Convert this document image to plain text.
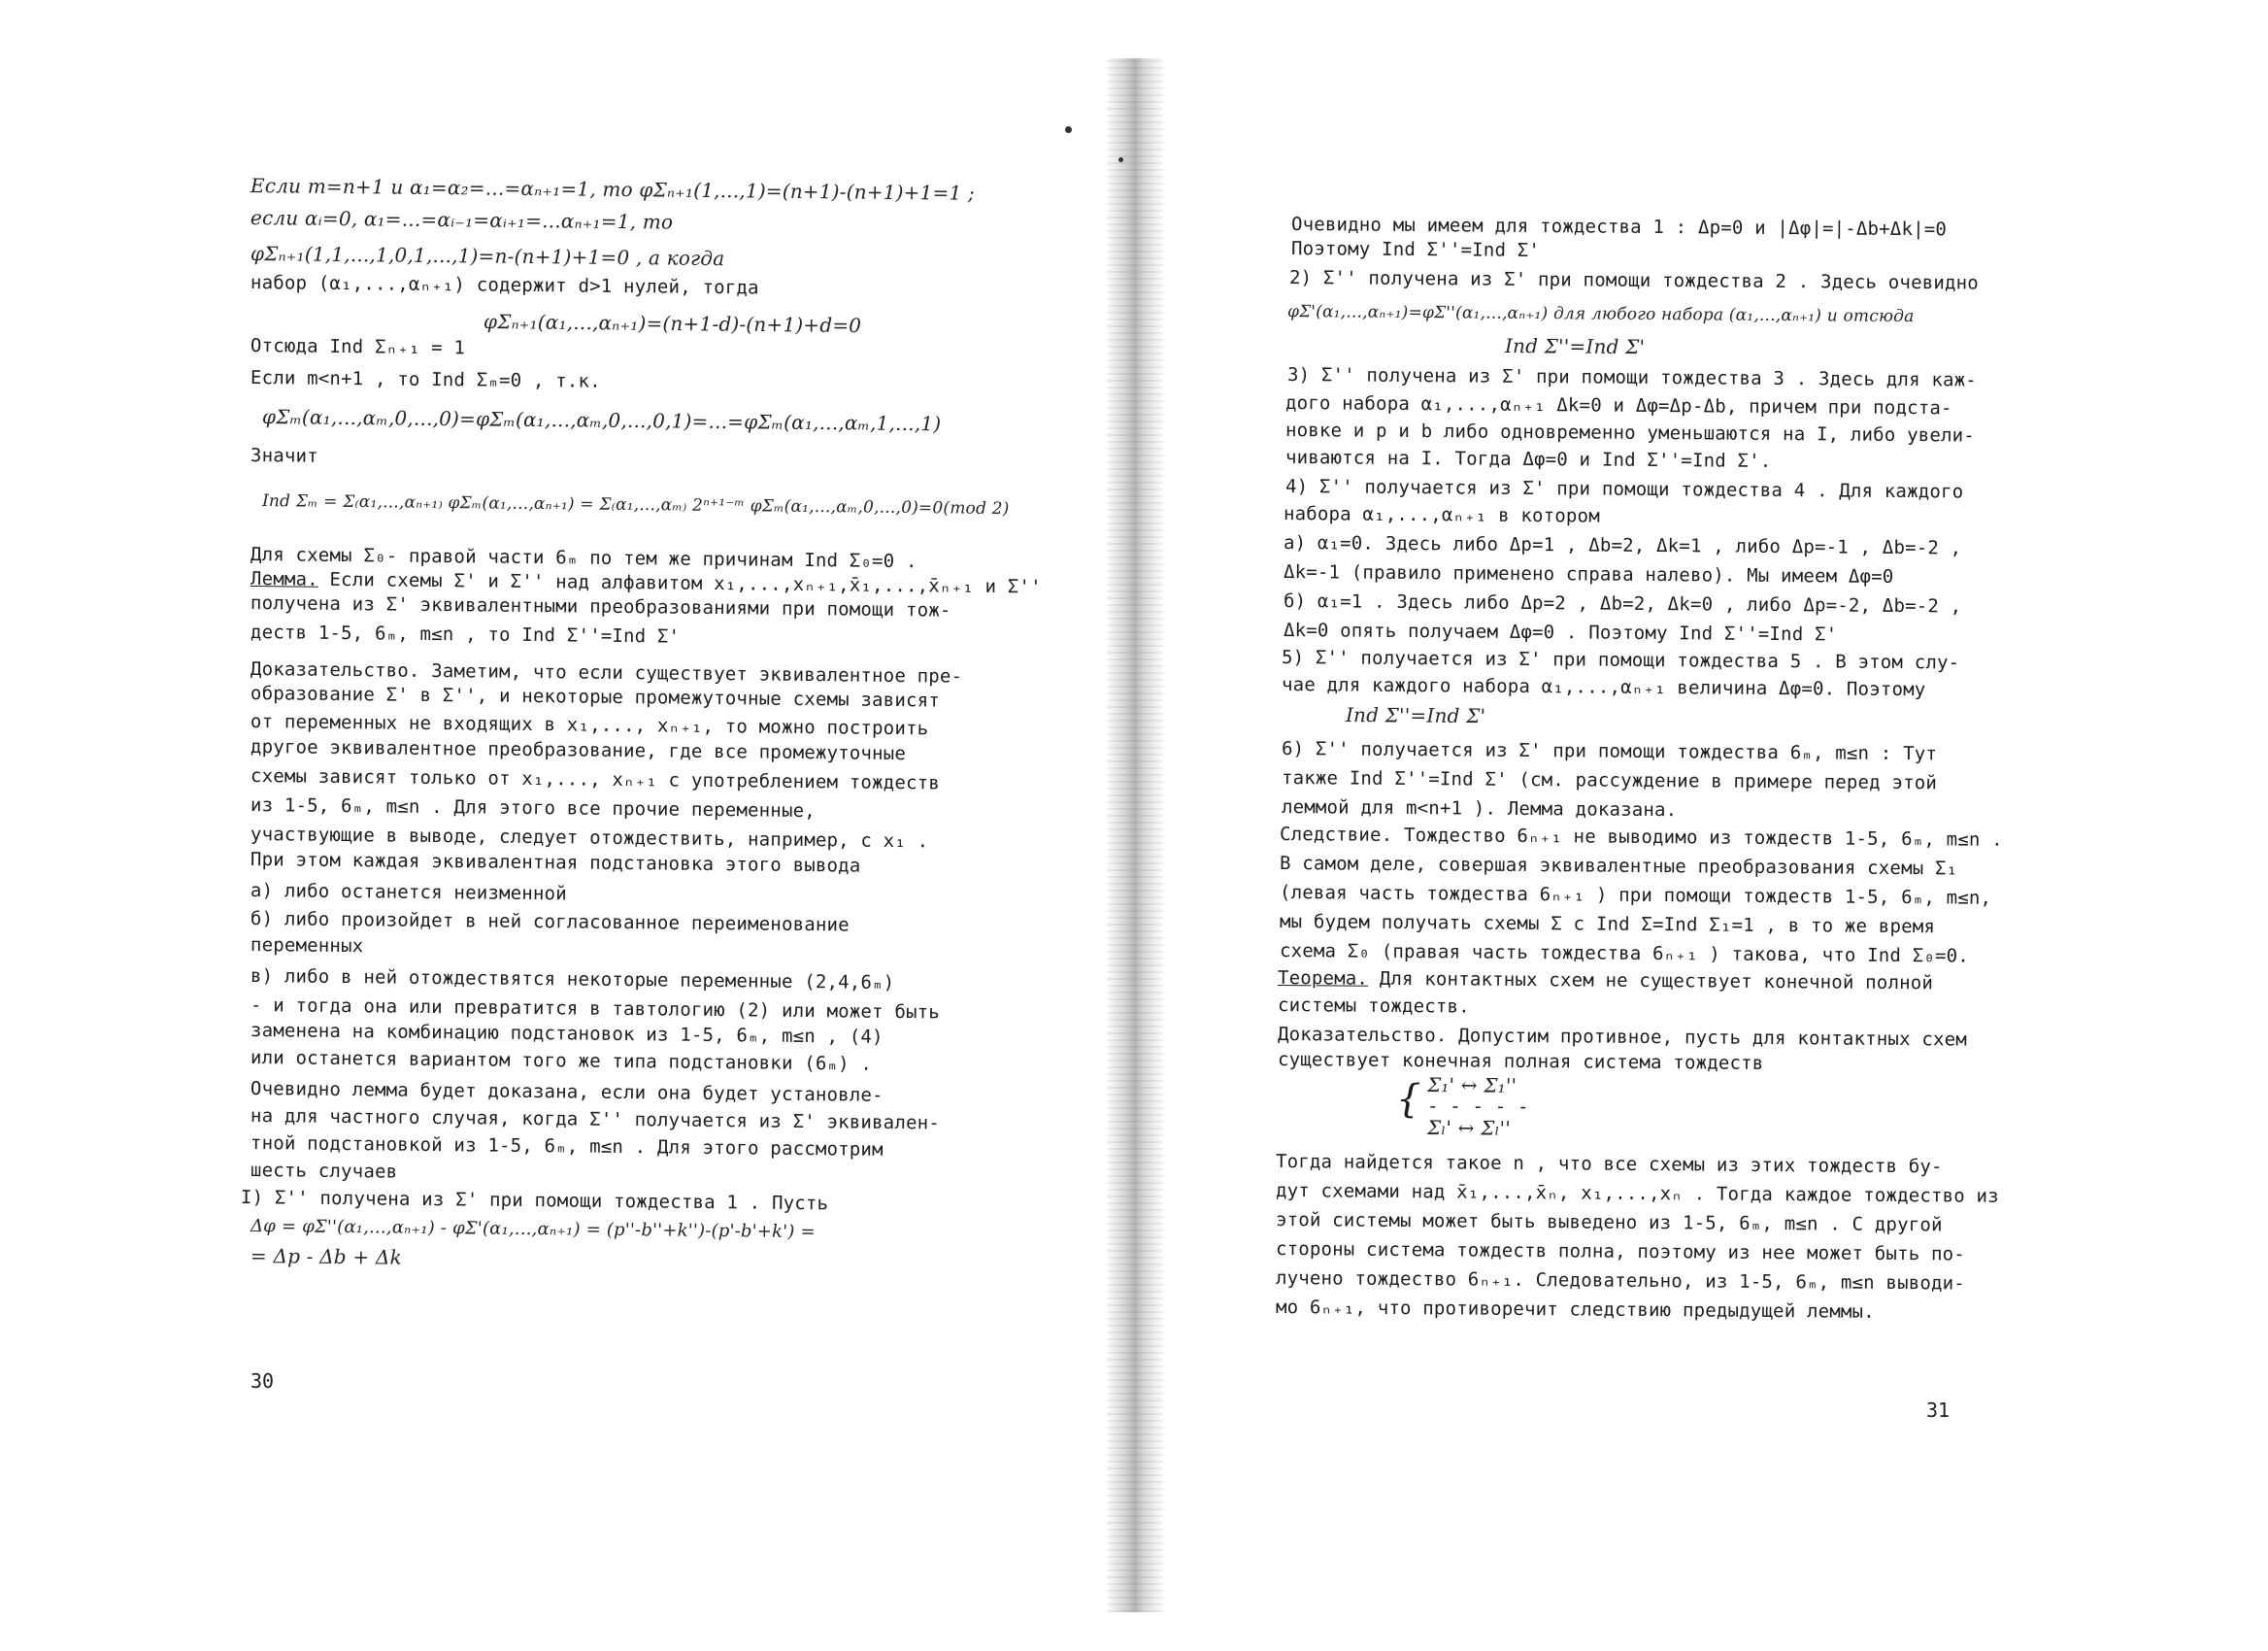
Если m=n+1 и α₁=α₂=...=αₙ₊₁=1, то φΣₙ₊₁(1,...,1)=(n+1)-(n+1)+1=1 ;
если αᵢ=0, α₁=...=αᵢ₋₁=αᵢ₊₁=...αₙ₊₁=1, то
φΣₙ₊₁(1,1,...,1,0,1,...,1)=n-(n+1)+1=0 , а когда
набор (α₁,...,αₙ₊₁) содержит d>1 нулей, тогда
φΣₙ₊₁(α₁,...,αₙ₊₁)=(n+1-d)-(n+1)+d=0
Отсюда Ind Σₙ₊₁ = 1
Если m<n+1 , то Ind Σₘ=0 , т.к.
φΣₘ(α₁,...,αₘ,0,...,0)=φΣₘ(α₁,...,αₘ,0,...,0,1)=...=φΣₘ(α₁,...,αₘ,1,...,1)
Значит
Ind Σₘ = Σ₍α₁,...,αₙ₊₁₎ φΣₘ(α₁,...,αₙ₊₁) = Σ₍α₁,...,αₘ₎ 2ⁿ⁺¹⁻ᵐ φΣₘ(α₁,...,αₘ,0,...,0)=0(mod 2)
Для схемы Σ₀- правой части 6ₘ по тем же причинам Ind Σ₀=0 .
Лемма. Если схемы Σ' и Σ'' над алфавитом x₁,...,xₙ₊₁,x̄₁,...,x̄ₙ₊₁ и Σ''
получена из Σ' эквивалентными преобразованиями при помощи тож-
деств 1-5, 6ₘ, m≤n , то Ind Σ''=Ind Σ'
Доказательство. Заметим, что если существует эквивалентное пре-
образование Σ' в Σ'', и некоторые промежуточные схемы зависят
от переменных не входящих в x₁,..., xₙ₊₁, то можно построить
другое эквивалентное преобразование, где все промежуточные
схемы зависят только от x₁,..., xₙ₊₁ с употреблением тождеств
из 1-5, 6ₘ, m≤n . Для этого все прочие переменные,
участвующие в выводе, следует отождествить, например, с x₁ .
При этом каждая эквивалентная подстановка этого вывода
а) либо останется неизменной
б) либо произойдет в ней согласованное переименование
переменных
в) либо в ней отождествятся некоторые переменные (2,4,6ₘ)
- и тогда она или превратится в тавтологию (2) или может быть
заменена на комбинацию подстановок из 1-5, 6ₘ, m≤n , (4)
или останется вариантом того же типа подстановки (6ₘ) .
Очевидно лемма будет доказана, если она будет установле-
на для частного случая, когда Σ'' получается из Σ' эквивален-
тной подстановкой из 1-5, 6ₘ, m≤n . Для этого рассмотрим
шесть случаев
I) Σ'' получена из Σ' при помощи тождества 1 . Пусть
Δφ = φΣ''(α₁,...,αₙ₊₁) - φΣ'(α₁,...,αₙ₊₁) = (p''-b''+k'')-(p'-b'+k') =
= Δp - Δb + Δk
30
Очевидно мы имеем для тождества 1 : Δp=0 и |Δφ|=|-Δb+Δk|=0
Поэтому Ind Σ''=Ind Σ'
2) Σ'' получена из Σ' при помощи тождества 2 . Здесь очевидно
φΣ'(α₁,...,αₙ₊₁)=φΣ''(α₁,...,αₙ₊₁) для любого набора (α₁,...,αₙ₊₁) и отсюда
Ind Σ''=Ind Σ'
3) Σ'' получена из Σ' при помощи тождества 3 . Здесь для каж-
дого набора α₁,...,αₙ₊₁ Δk=0 и Δφ=Δp-Δb, причем при подста-
новке и p и b либо одновременно уменьшаются на I, либо увели-
чиваются на I. Тогда Δφ=0 и Ind Σ''=Ind Σ'.
4) Σ'' получается из Σ' при помощи тождества 4 . Для каждого
набора α₁,...,αₙ₊₁ в котором
а) α₁=0. Здесь либо Δp=1 , Δb=2, Δk=1 , либо Δp=-1 , Δb=-2 ,
Δk=-1 (правило применено справа налево). Мы имеем Δφ=0
б) α₁=1 . Здесь либо Δp=2 , Δb=2, Δk=0 , либо Δp=-2, Δb=-2 ,
Δk=0 опять получаем Δφ=0 . Поэтому Ind Σ''=Ind Σ'
5) Σ'' получается из Σ' при помощи тождества 5 . В этом слу-
чае для каждого набора α₁,...,αₙ₊₁ величина Δφ=0. Поэтому
Ind Σ''=Ind Σ'
6) Σ'' получается из Σ' при помощи тождества 6ₘ, m≤n : Тут
также Ind Σ''=Ind Σ' (см. рассуждение в примере перед этой
леммой для m<n+1 ). Лемма доказана.
Следствие. Тождество 6ₙ₊₁ не выводимо из тождеств 1-5, 6ₘ, m≤n .
В самом деле, совершая эквивалентные преобразования схемы Σ₁
(левая часть тождества 6ₙ₊₁ ) при помощи тождеств 1-5, 6ₘ, m≤n,
мы будем получать схемы Σ с Ind Σ=Ind Σ₁=1 , в то же время
схема Σ₀ (правая часть тождества 6ₙ₊₁ ) такова, что Ind Σ₀=0.
Теорема. Для контактных схем не существует конечной полной
системы тождеств.
Доказательство. Допустим противное, пусть для контактных схем
существует конечная полная система тождеств
{ Σ₁' ↔ Σ₁''
- - - - -
Σₗ' ↔ Σₗ''
Тогда найдется такое n , что все схемы из этих тождеств бу-
дут схемами над x̄₁,...,x̄ₙ, x₁,...,xₙ . Тогда каждое тождество из
этой системы может быть выведено из 1-5, 6ₘ, m≤n . С другой
стороны система тождеств полна, поэтому из нее может быть по-
лучено тождество 6ₙ₊₁. Следовательно, из 1-5, 6ₘ, m≤n выводи-
мо 6ₙ₊₁, что противоречит следствию предыдущей леммы.
31
